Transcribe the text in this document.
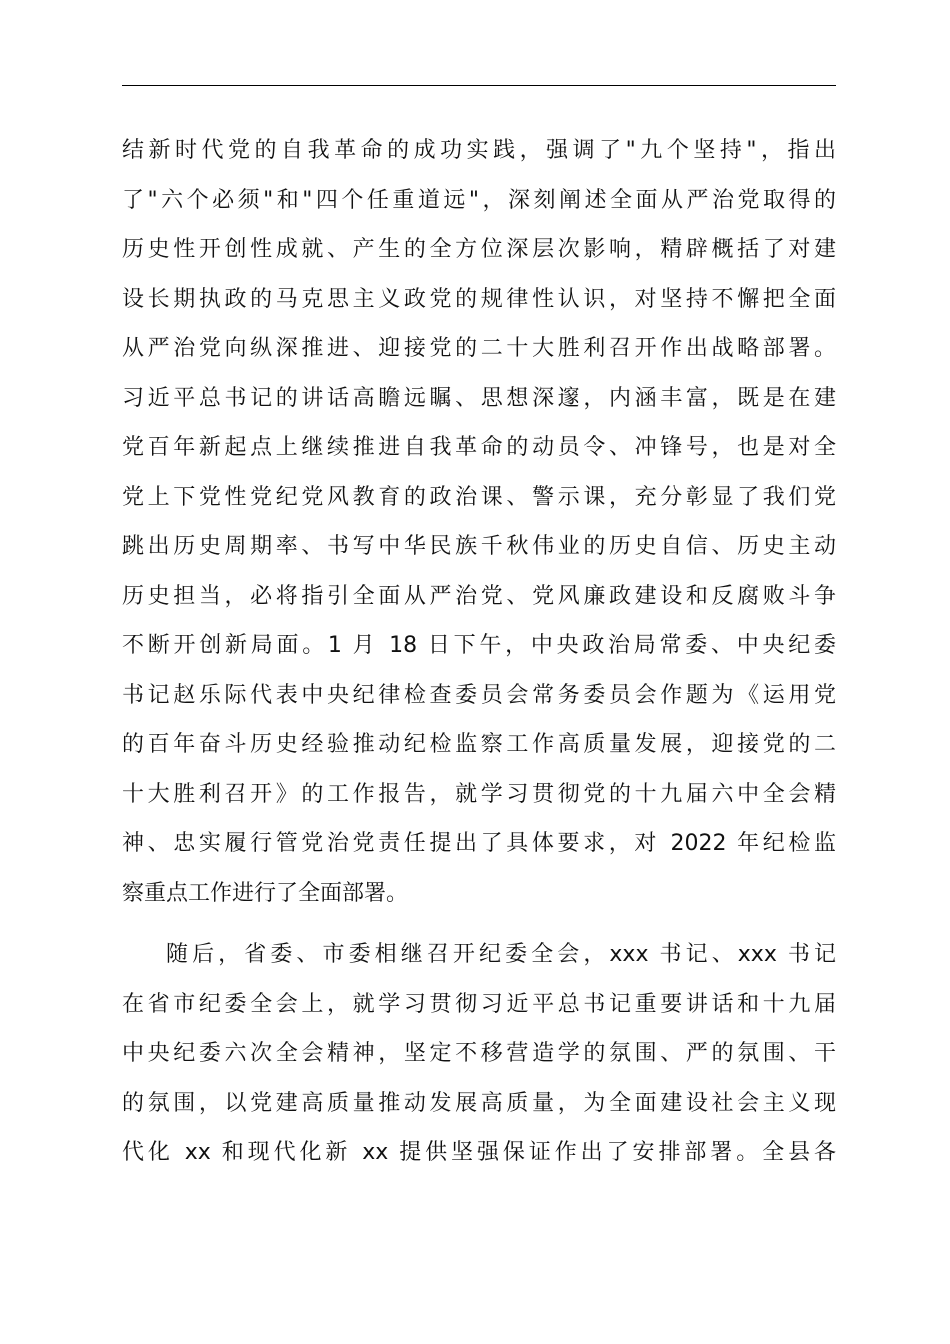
结新时代党的自我革命的成功实践，强调了"九个坚持"，指出
了"六个必须"和"四个任重道远"，深刻阐述全面从严治党取得的
历史性开创性成就、产生的全方位深层次影响，精辟概括了对建
设长期执政的马克思主义政党的规律性认识，对坚持不懈把全面
从严治党向纵深推进、迎接党的二十大胜利召开作出战略部署。
习近平总书记的讲话高瞻远瞩、思想深邃，内涵丰富，既是在建
党百年新起点上继续推进自我革命的动员令、冲锋号，也是对全
党上下党性党纪党风教育的政治课、警示课，充分彰显了我们党
跳出历史周期率、书写中华民族千秋伟业的历史自信、历史主动
历史担当，必将指引全面从严治党、党风廉政建设和反腐败斗争
不断开创新局面。1 月 18 日下午，中央政治局常委、中央纪委
书记赵乐际代表中央纪律检查委员会常务委员会作题为《运用党
的百年奋斗历史经验推动纪检监察工作高质量发展，迎接党的二
十大胜利召开》的工作报告，就学习贯彻党的十九届六中全会精
神、忠实履行管党治党责任提出了具体要求，对 2022 年纪检监
察重点工作进行了全面部署。
随后，省委、市委相继召开纪委全会，xxx 书记、xxx 书记
在省市纪委全会上，就学习贯彻习近平总书记重要讲话和十九届
中央纪委六次全会精神，坚定不移营造学的氛围、严的氛围、干
的氛围，以党建高质量推动发展高质量，为全面建设社会主义现
代化 xx 和现代化新 xx 提供坚强保证作出了安排部署。全县各
